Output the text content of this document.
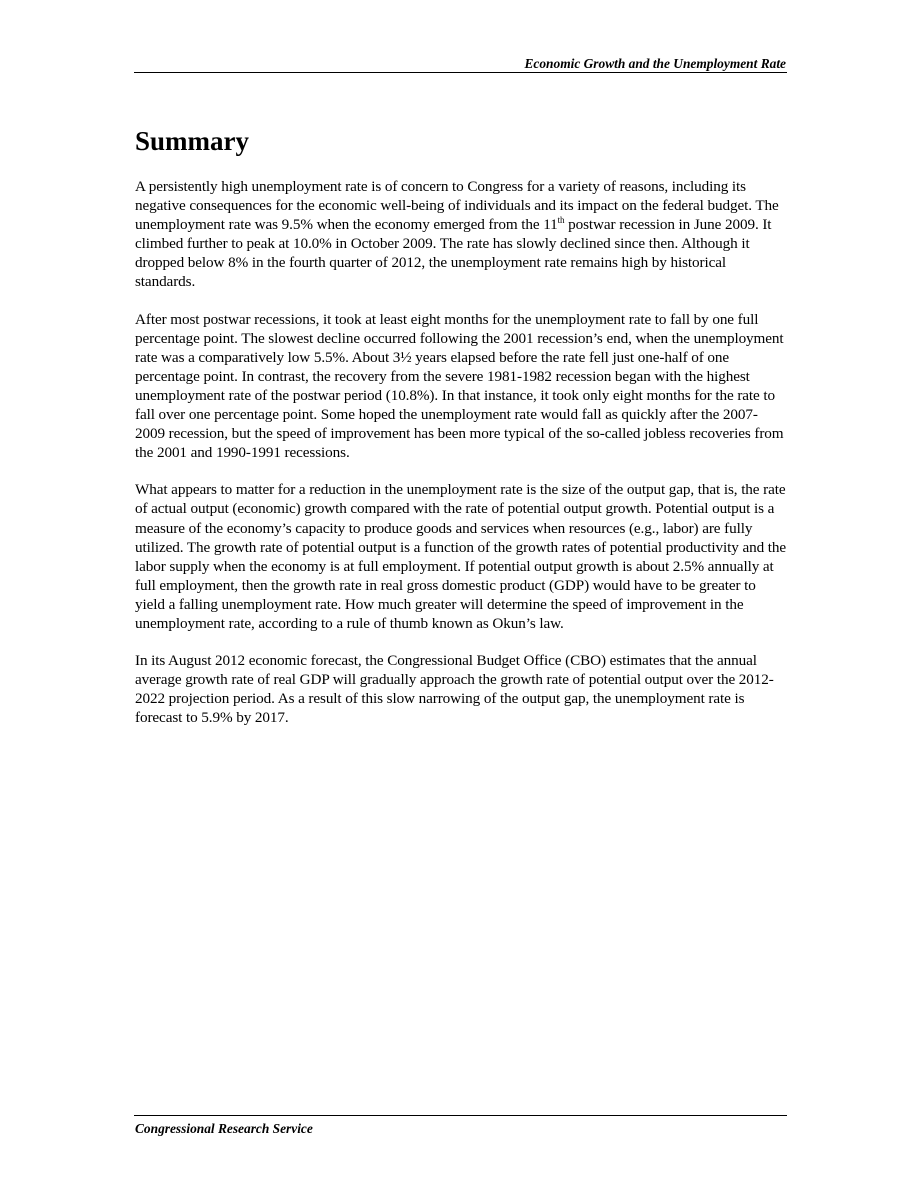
Economic Growth and the Unemployment Rate
Summary

A persistently high unemployment rate is of concern to Congress for a variety of reasons, including its negative consequences for the economic well-being of individuals and its impact on the federal budget. The unemployment rate was 9.5% when the economy emerged from the 11th postwar recession in June 2009. It climbed further to peak at 10.0% in October 2009. The rate has slowly declined since then. Although it dropped below 8% in the fourth quarter of 2012, the unemployment rate remains high by historical standards.

After most postwar recessions, it took at least eight months for the unemployment rate to fall by one full percentage point. The slowest decline occurred following the 2001 recession’s end, when the unemployment rate was a comparatively low 5.5%. About 3½ years elapsed before the rate fell just one-half of one percentage point. In contrast, the recovery from the severe 1981-1982 recession began with the highest unemployment rate of the postwar period (10.8%). In that instance, it took only eight months for the rate to fall over one percentage point. Some hoped the unemployment rate would fall as quickly after the 2007-2009 recession, but the speed of improvement has been more typical of the so-called jobless recoveries from the 2001 and 1990-1991 recessions.

What appears to matter for a reduction in the unemployment rate is the size of the output gap, that is, the rate of actual output (economic) growth compared with the rate of potential output growth. Potential output is a measure of the economy’s capacity to produce goods and services when resources (e.g., labor) are fully utilized. The growth rate of potential output is a function of the growth rates of potential productivity and the labor supply when the economy is at full employment. If potential output growth is about 2.5% annually at full employment, then the growth rate in real gross domestic product (GDP) would have to be greater to yield a falling unemployment rate. How much greater will determine the speed of improvement in the unemployment rate, according to a rule of thumb known as Okun’s law.

In its August 2012 economic forecast, the Congressional Budget Office (CBO) estimates that the annual average growth rate of real GDP will gradually approach the growth rate of potential output over the 2012-2022 projection period. As a result of this slow narrowing of the output gap, the unemployment rate is forecast to 5.9% by 2017.

Congressional Research Service
